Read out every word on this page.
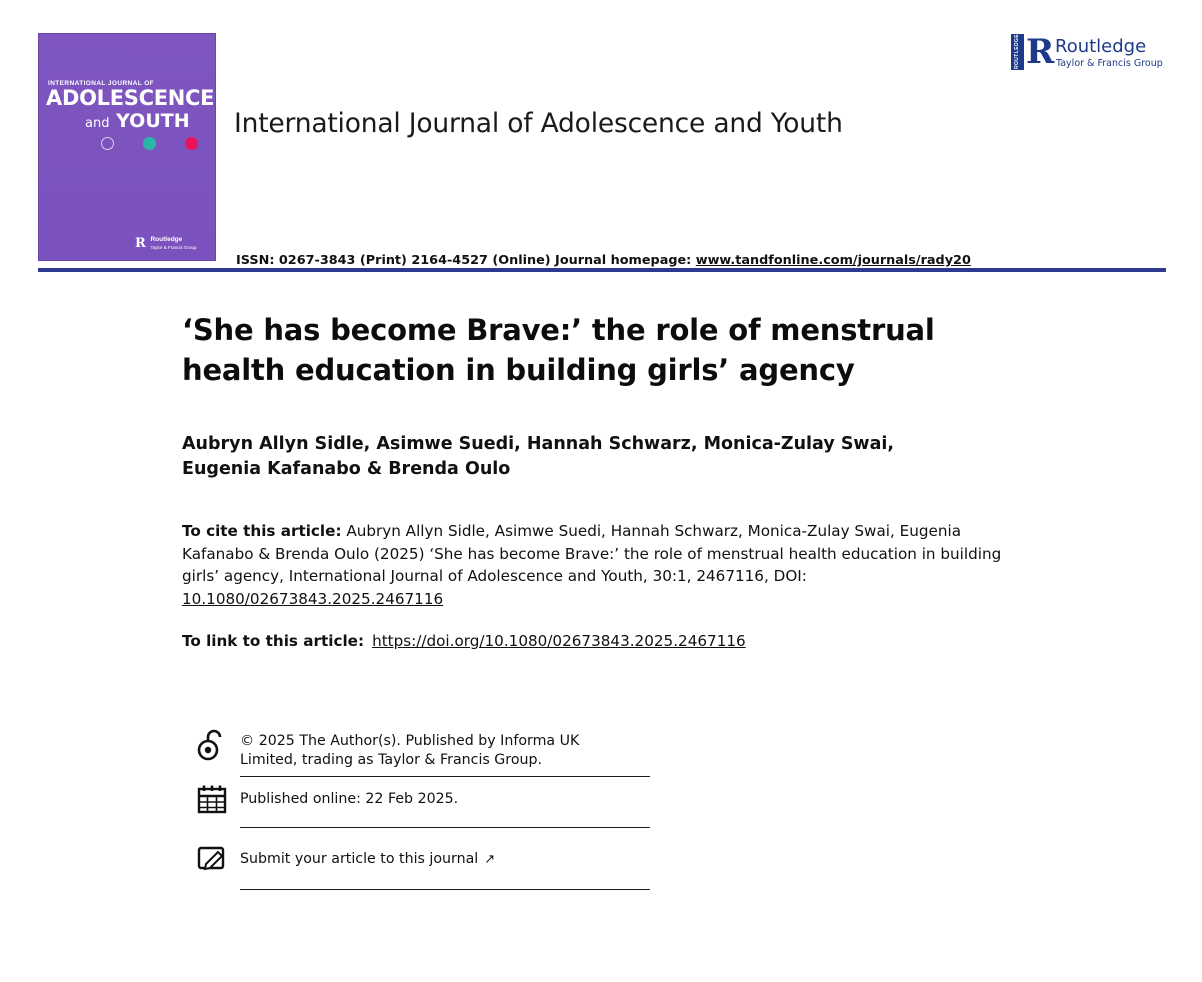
INTERNATIONAL JOURNAL OF
ADOLESCENCE
and YOUTH
R Routledge
Taylor & Francis Group
International Journal of Adolescence and Youth
ROUTLEDGE R Routledge
Taylor & Francis Group
ISSN: 0267-3843 (Print) 2164-4527 (Online) Journal homepage: www.tandfonline.com/journals/rady20
‘She has become Brave:’ the role of menstrual health education in building girls’ agency
Aubryn Allyn Sidle, Asimwe Suedi, Hannah Schwarz, Monica-Zulay Swai, Eugenia Kafanabo & Brenda Oulo
To cite this article: Aubryn Allyn Sidle, Asimwe Suedi, Hannah Schwarz, Monica-Zulay Swai, Eugenia Kafanabo & Brenda Oulo (2025) ‘She has become Brave:’ the role of menstrual health education in building girls’ agency, International Journal of Adolescence and Youth, 30:1, 2467116, DOI: 10.1080/02673843.2025.2467116
To link to this article: https://doi.org/10.1080/02673843.2025.2467116
© 2025 The Author(s). Published by Informa UK Limited, trading as Taylor & Francis Group.
Published online: 22 Feb 2025.
Submit your article to this journal ↗
